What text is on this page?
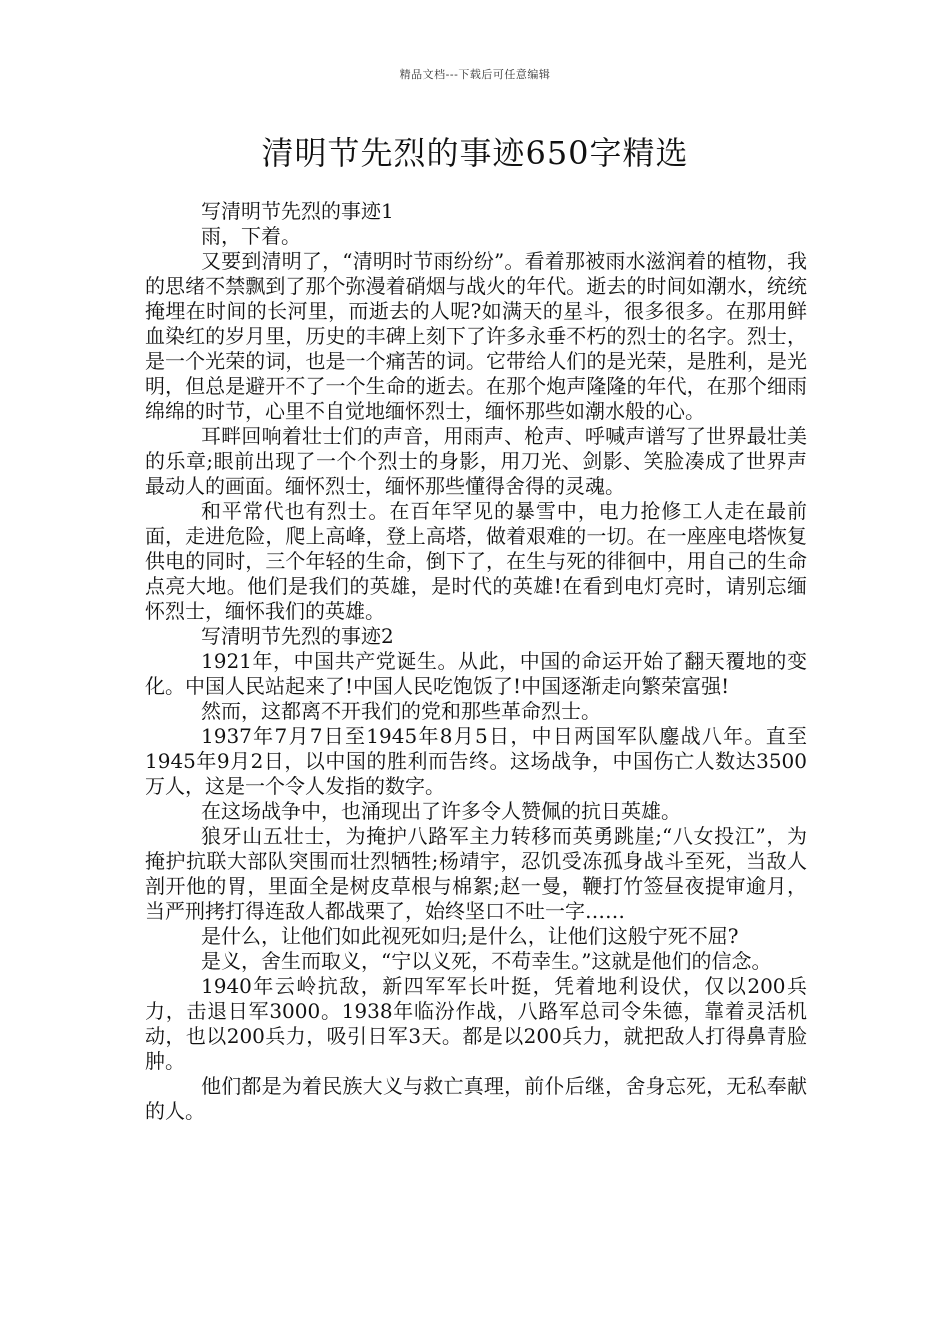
精品文档---下载后可任意编辑
清明节先烈的事迹650字精选

写清明节先烈的事迹1

雨，下着。

又要到清明了，“清明时节雨纷纷”。看着那被雨水滋润着的植物，我的思绪不禁飘到了那个弥漫着硝烟与战火的年代。逝去的时间如潮水，统统掩埋在时间的长河里，而逝去的人呢?如满天的星斗，很多很多。在那用鲜血染红的岁月里，历史的丰碑上刻下了许多永垂不朽的烈士的名字。烈士，是一个光荣的词，也是一个痛苦的词。它带给人们的是光荣，是胜利，是光明，但总是避开不了一个生命的逝去。在那个炮声隆隆的年代，在那个细雨绵绵的时节，心里不自觉地缅怀烈士，缅怀那些如潮水般的心。

耳畔回响着壮士们的声音，用雨声、枪声、呼喊声谱写了世界最壮美的乐章;眼前出现了一个个烈士的身影，用刀光、剑影、笑脸凑成了世界声最动人的画面。缅怀烈士，缅怀那些懂得舍得的灵魂。

和平常代也有烈士。在百年罕见的暴雪中，电力抢修工人走在最前面，走进危险，爬上高峰，登上高塔，做着艰难的一切。在一座座电塔恢复供电的同时，三个年轻的生命，倒下了，在生与死的徘徊中，用自己的生命点亮大地。他们是我们的英雄，是时代的英雄!在看到电灯亮时，请别忘缅怀烈士，缅怀我们的英雄。

写清明节先烈的事迹2

1921年，中国共产党诞生。从此，中国的命运开始了翻天覆地的变化。中国人民站起来了!中国人民吃饱饭了!中国逐渐走向繁荣富强!

然而，这都离不开我们的党和那些革命烈士。

1937年7月7日至1945年8月5日，中日两国军队鏖战八年。直至1945年9月2日，以中国的胜利而告终。这场战争，中国伤亡人数达3500万人，这是一个令人发指的数字。

在这场战争中，也涌现出了许多令人赞佩的抗日英雄。

狼牙山五壮士，为掩护八路军主力转移而英勇跳崖;“八女投江”，为掩护抗联大部队突围而壮烈牺牲;杨靖宇，忍饥受冻孤身战斗至死，当敌人剖开他的胃，里面全是树皮草根与棉絮;赵一曼，鞭打竹签昼夜提审逾月，当严刑拷打得连敌人都战栗了，始终坚口不吐一字……

是什么，让他们如此视死如归;是什么，让他们这般宁死不屈?

是义，舍生而取义，“宁以义死，不苟幸生。”这就是他们的信念。

1940年云岭抗敌，新四军军长叶挺，凭着地利设伏，仅以200兵力，击退日军3000。1938年临汾作战，八路军总司令朱德，靠着灵活机动，也以200兵力，吸引日军3天。都是以200兵力，就把敌人打得鼻青脸肿。

他们都是为着民族大义与救亡真理，前仆后继，舍身忘死，无私奉献的人。
